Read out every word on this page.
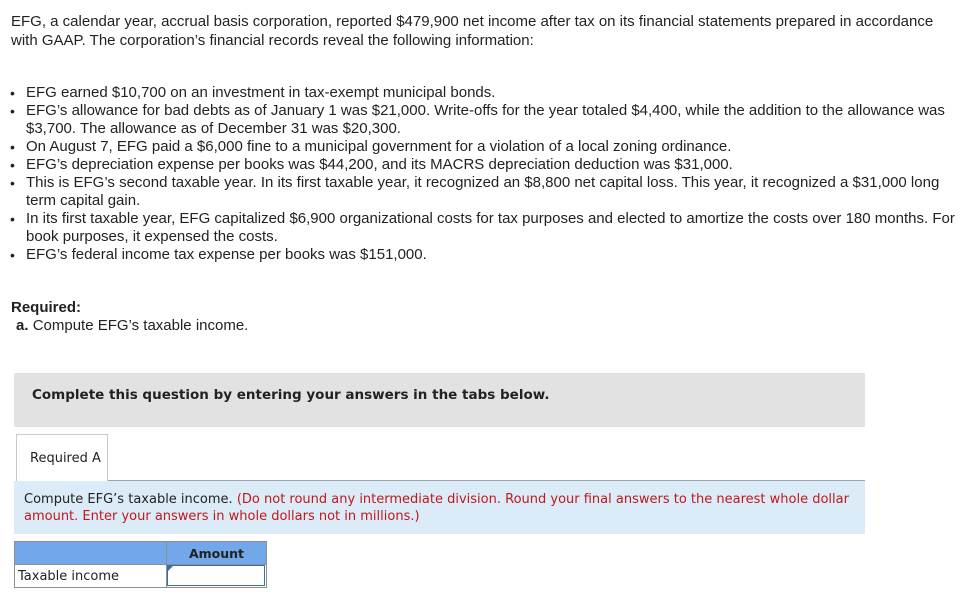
EFG, a calendar year, accrual basis corporation, reported $479,900 net income after tax on its financial statements prepared in accordance with GAAP. The corporation’s financial records reveal the following information:

• EFG earned $10,700 on an investment in tax-exempt municipal bonds.
• EFG’s allowance for bad debts as of January 1 was $21,000. Write-offs for the year totaled $4,400, while the addition to the allowance was $3,700. The allowance as of December 31 was $20,300.
• On August 7, EFG paid a $6,000 fine to a municipal government for a violation of a local zoning ordinance.
• EFG’s depreciation expense per books was $44,200, and its MACRS depreciation deduction was $31,000.
• This is EFG’s second taxable year. In its first taxable year, it recognized an $8,800 net capital loss. This year, it recognized a $31,000 long term capital gain.
• In its first taxable year, EFG capitalized $6,900 organizational costs for tax purposes and elected to amortize the costs over 180 months. For book purposes, it expensed the costs.
• EFG’s federal income tax expense per books was $151,000.

Required:

a. Compute EFG’s taxable income.

Complete this question by entering your answers in the tabs below.
Required A
Compute EFG’s taxable income. (Do not round any intermediate division. Round your final answers to the nearest whole dollar amount. Enter your answers in whole dollars not in millions.)
	Amount
Taxable income	
